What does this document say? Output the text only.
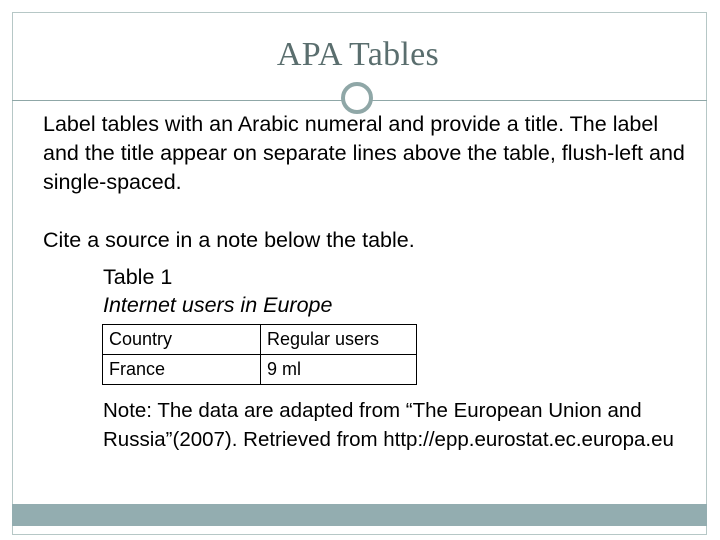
APA Tables

Label tables with an Arabic numeral and provide a title. The label and the title appear on separate lines above the table, flush-left and single-spaced.

Cite a source in a note below the table.

Table 1
Internet users in Europe
Country	Regular users
France	9 ml
Note: The data are adapted from “The European Union and Russia”(2007). Retrieved from http://epp.eurostat.ec.europa.eu
